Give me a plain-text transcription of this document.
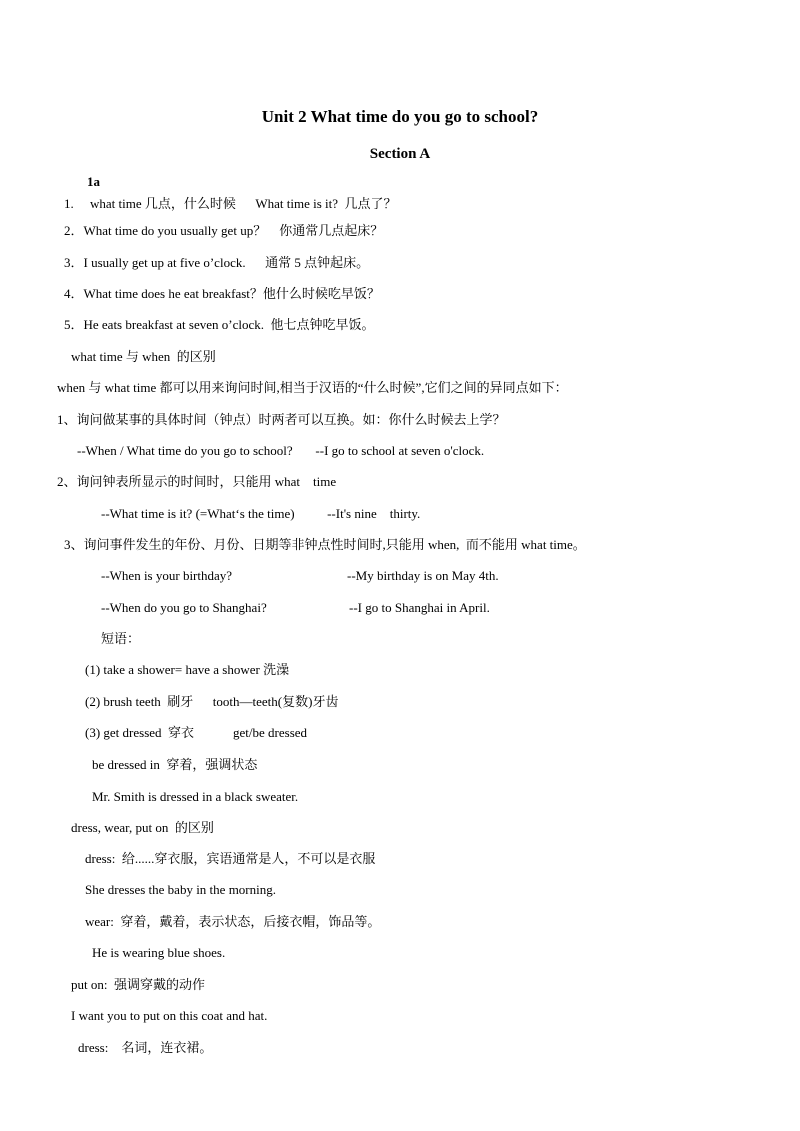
Unit 2 What time do you go to school?
Section A
1a
1.     what time 几点，什么时候      What time is it?  几点了？
2．What time do you usually get up？    你通常几点起床？
3．I usually get up at five o’clock.      通常 5 点钟起床。
4．What time does he eat breakfast？他什么时候吃早饭？
5．He eats breakfast at seven o’clock.  他七点钟吃早饭。
what time 与 when  的区别
when 与 what time 都可以用来询问时间,相当于汉语的“什么时候”,它们之间的异同点如下：
1、询问做某事的具体时间（钟点）时两者可以互换。如：你什么时候去上学？
--When / What time do you go to school?       --I go to school at seven o'clock.
2、询问钟表所显示的时间时，只能用 what    time
--What time is it? (=What‘s the time)          --It's nine    thirty.
3、询问事件发生的年份、月份、日期等非钟点性时间时,只能用 when,  而不能用 what time。
--When is your birthday?	--My birthday is on May 4th.
--When do you go to Shanghai?	--I go to Shanghai in April.
短语：
(1) take a shower= have a shower 洗澡
(2) brush teeth  刷牙      tooth—teeth(复数)牙齿
(3) get dressed  穿衣            get/be dressed
be dressed in  穿着，强调状态
Mr. Smith is dressed in a black sweater.
dress, wear, put on  的区别
dress:  给......穿衣服，宾语通常是人，不可以是衣服
She dresses the baby in the morning.
wear:  穿着，戴着，表示状态，后接衣帽，饰品等。
He is wearing blue shoes.
put on:  强调穿戴的动作
I want you to put on this coat and hat.
dress:    名词，连衣裙。
